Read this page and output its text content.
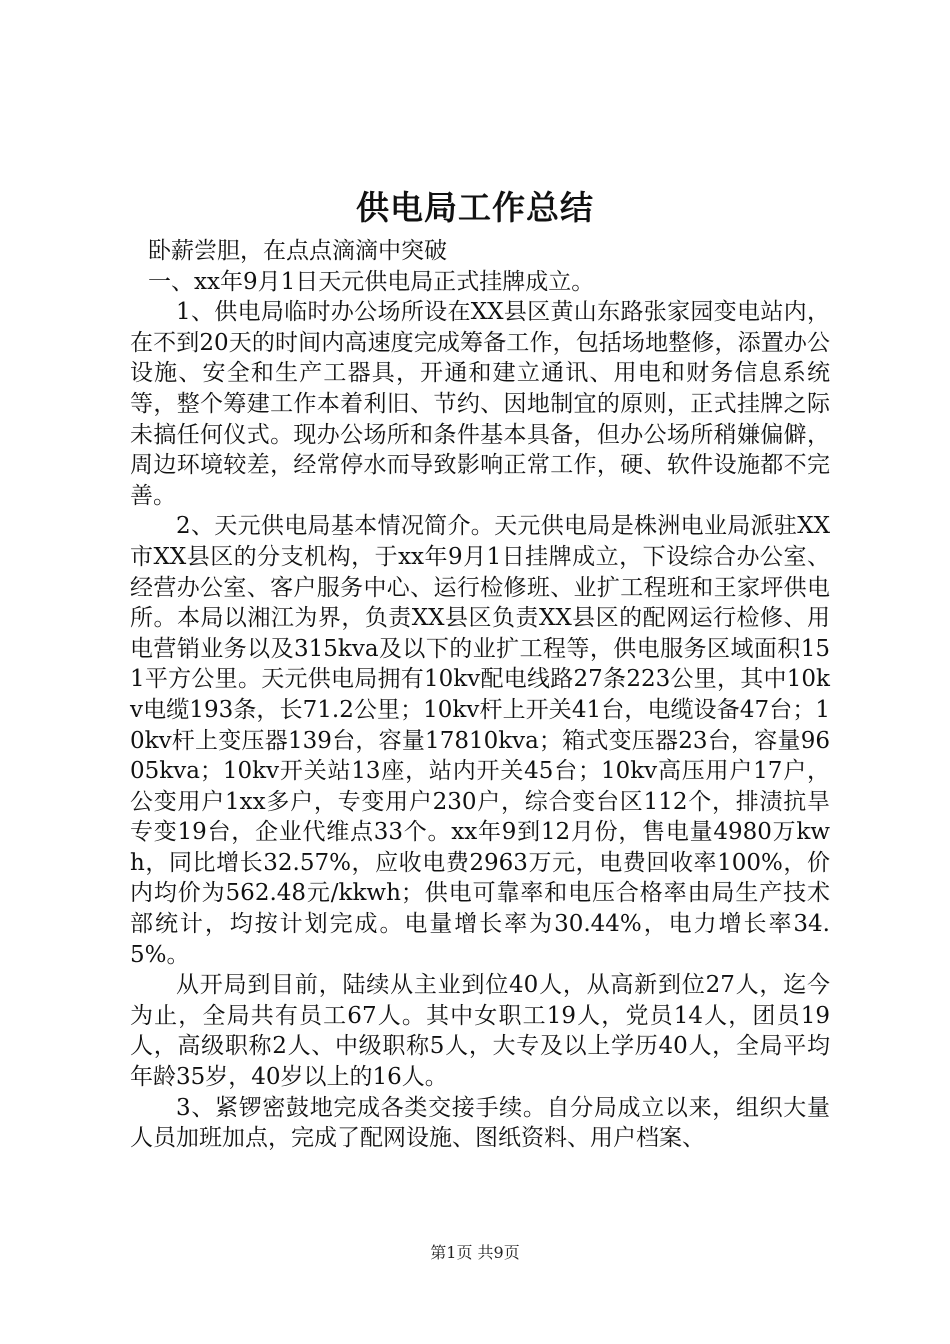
供电局工作总结

卧薪尝胆，在点点滴滴中突破

一、xx年9月1日天元供电局正式挂牌成立。

1、供电局临时办公场所设在XX县区黄山东路张家园变电站内，在不到20天的时间内高速度完成筹备工作，包括场地整修，添置办公设施、安全和生产工器具，开通和建立通讯、用电和财务信息系统等，整个筹建工作本着利旧、节约、因地制宜的原则，正式挂牌之际未搞任何仪式。现办公场所和条件基本具备，但办公场所稍嫌偏僻，周边环境较差，经常停水而导致影响正常工作，硬、软件设施都不完善。

2、天元供电局基本情况简介。天元供电局是株洲电业局派驻XX市XX县区的分支机构，于xx年9月1日挂牌成立，下设综合办公室、经营办公室、客户服务中心、运行检修班、业扩工程班和王家坪供电所。本局以湘江为界，负责XX县区负责XX县区的配网运行检修、用电营销业务以及315kva及以下的业扩工程等，供电服务区域面积151平方公里。天元供电局拥有10kv配电线路27条223公里，其中10kv电缆193条，长71.2公里；10kv杆上开关41台，电缆设备47台；10kv杆上变压器139台，容量17810kva；箱式变压器23台，容量9605kva；10kv开关站13座，站内开关45台；10kv高压用户17户，公变用户1xx多户，专变用户230户，综合变台区112个，排渍抗旱专变19台，企业代维点33个。xx年9到12月份，售电量4980万kwh，同比增长32.57%，应收电费2963万元，电费回收率100%，价内均价为562.48元/kkwh；供电可靠率和电压合格率由局生产技术部统计，均按计划完成。电量增长率为30.44%，电力增长率34.5%。

从开局到目前，陆续从主业到位40人，从高新到位27人，迄今为止，全局共有员工67人。其中女职工19人，党员14人，团员19人，高级职称2人、中级职称5人，大专及以上学历40人，全局平均年龄35岁，40岁以上的16人。

3、紧锣密鼓地完成各类交接手续。自分局成立以来，组织大量人员加班加点，完成了配网设施、图纸资料、用户档案、

第1页 共9页
